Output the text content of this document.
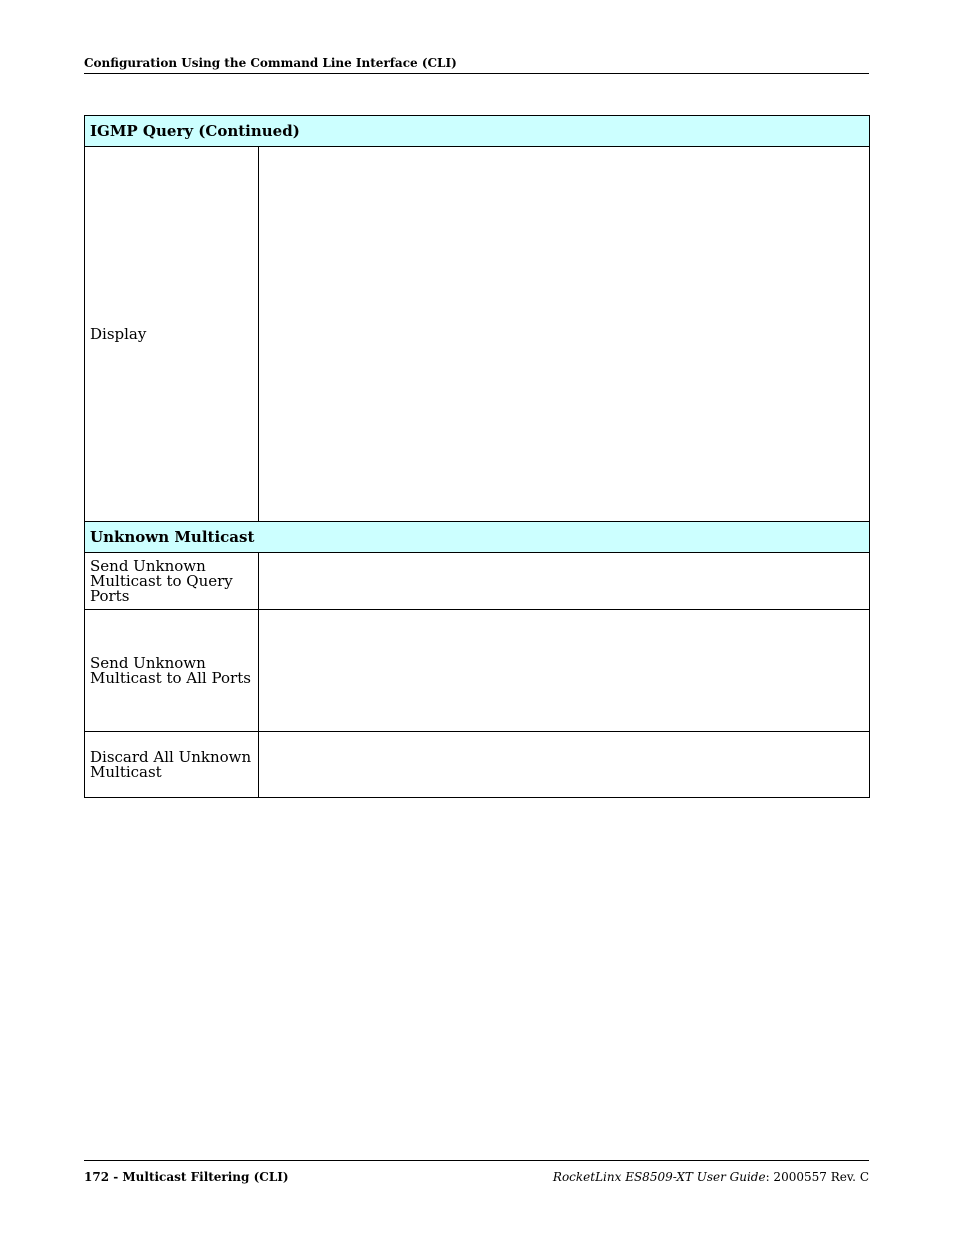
Configuration Using the Command Line Interface (CLI)
IGMP Query (Continued)	
Display	
Unknown Multicast	
Send Unknown Multicast to Query Ports	
Send Unknown Multicast to All Ports	
Discard All Unknown Multicast	
172 - Multicast Filtering (CLI)	RocketLinx ES8509-XT User Guide: 2000557 Rev. C
